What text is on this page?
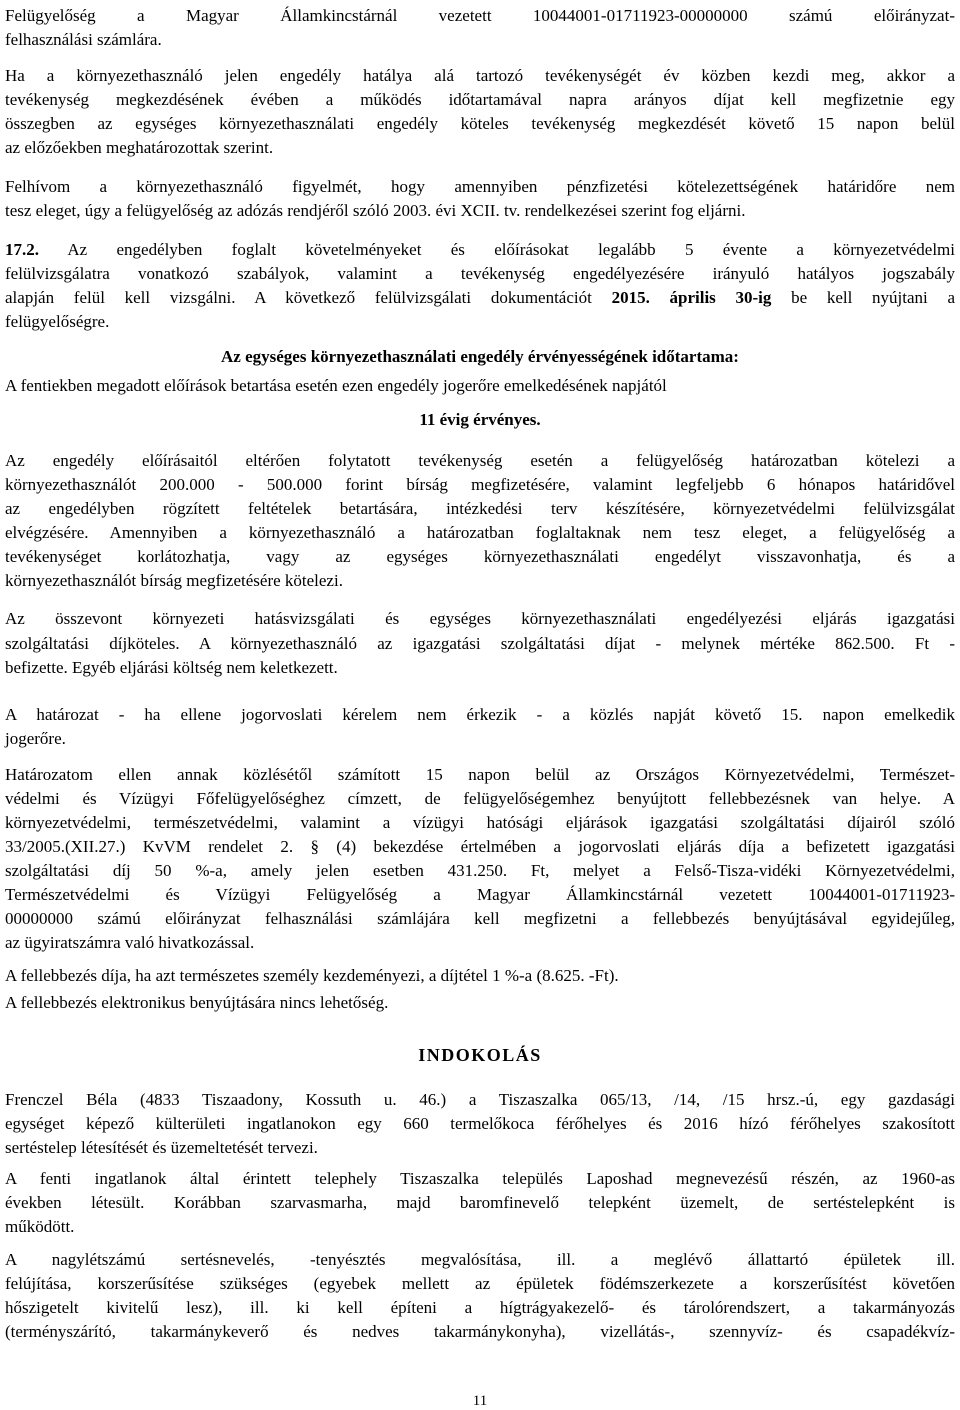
Felügyelőség a Magyar Államkincstárnál vezetett 10044001-01711923-00000000 számú előirányzat-
felhasználási számlára.
Ha a környezethasználó jelen engedély hatálya alá tartozó tevékenységét év közben kezdi meg, akkor a
tevékenység megkezdésének évében a működés időtartamával napra arányos díjat kell megfizetnie egy
összegben az egységes környezethasználati engedély köteles tevékenység megkezdését követő 15 napon belül
az előzőekben meghatározottak szerint.
Felhívom a környezethasználó figyelmét, hogy amennyiben pénzfizetési kötelezettségének határidőre nem
tesz eleget, úgy a felügyelőség az adózás rendjéről szóló 2003. évi XCII. tv. rendelkezései szerint fog eljárni.
17.2. Az engedélyben foglalt követelményeket és előírásokat legalább 5 évente a környezetvédelmi
felülvizsgálatra vonatkozó szabályok, valamint a tevékenység engedélyezésére irányuló hatályos jogszabály
alapján felül kell vizsgálni. A következő felülvizsgálati dokumentációt 2015. április 30-ig be kell nyújtani a
felügyelőségre.
Az egységes környezethasználati engedély érvényességének időtartama:
A fentiekben megadott előírások betartása esetén ezen engedély jogerőre emelkedésének napjától
11 évig érvényes.
Az engedély előírásaitól eltérően folytatott tevékenység esetén a felügyelőség határozatban kötelezi a
környezethasználót 200.000 - 500.000 forint bírság megfizetésére, valamint legfeljebb 6 hónapos határidővel
az engedélyben rögzített feltételek betartására, intézkedési terv készítésére, környezetvédelmi felülvizsgálat
elvégzésére. Amennyiben a környezethasználó a határozatban foglaltaknak nem tesz eleget, a felügyelőség a
tevékenységet korlátozhatja, vagy az egységes környezethasználati engedélyt visszavonhatja, és a
környezethasználót bírság megfizetésére kötelezi.
Az összevont környezeti hatásvizsgálati és egységes környezethasználati engedélyezési eljárás igazgatási
szolgáltatási díjköteles. A környezethasználó az igazgatási szolgáltatási díjat - melynek mértéke 862.500. Ft -
befizette. Egyéb eljárási költség nem keletkezett.
A határozat - ha ellene jogorvoslati kérelem nem érkezik - a közlés napját követő 15. napon emelkedik
jogerőre.
Határozatom ellen annak közlésétől számított 15 napon belül az Országos Környezetvédelmi, Természet-
védelmi és Vízügyi Főfelügyelőséghez címzett, de felügyelőségemhez benyújtott fellebbezésnek van helye. A
környezetvédelmi, természetvédelmi, valamint a vízügyi hatósági eljárások igazgatási szolgáltatási díjairól szóló
33/2005.(XII.27.) KvVM rendelet 2. § (4) bekezdése értelmében a jogorvoslati eljárás díja a befizetett igazgatási
szolgáltatási díj 50 %-a, amely jelen esetben 431.250. Ft, melyet a Felső-Tisza-vidéki Környezetvédelmi,
Természetvédelmi és Vízügyi Felügyelőség a Magyar Államkincstárnál vezetett 10044001-01711923-
00000000 számú előirányzat felhasználási számlájára kell megfizetni a fellebbezés benyújtásával egyidejűleg,
az ügyiratszámra való hivatkozással.
A fellebbezés díja, ha azt természetes személy kezdeményezi, a díjtétel 1 %-a (8.625. -Ft).
A fellebbezés elektronikus benyújtására nincs lehetőség.
INDOKOLÁS
Frenczel Béla (4833 Tiszaadony, Kossuth u. 46.) a Tiszaszalka 065/13, /14, /15 hrsz.-ú, egy gazdasági
egységet képező külterületi ingatlanokon egy 660 termelőkoca férőhelyes és 2016 hízó férőhelyes szakosított
sertéstelep létesítését és üzemeltetését tervezi.
A fenti ingatlanok által érintett telephely Tiszaszalka település Laposhad megnevezésű részén, az 1960-as
években létesült. Korábban szarvasmarha, majd baromfinevelő telepként üzemelt, de sertéstelepként is
működött.
A nagylétszámú sertésnevelés, -tenyésztés megvalósítása, ill. a meglévő állattartó épületek ill.
felújítása, korszerűsítése szükséges (egyebek mellett az épületek födémszerkezete a korszerűsítést követően
hőszigetelt kivitelű lesz), ill. ki kell építeni a hígtrágyakezelő- és tárolórendszert, a takarmányozás
(terményszárító, takarmánykeverő és nedves takarmánykonyha), vizellátás-, szennyvíz- és csapadékvíz-
11
